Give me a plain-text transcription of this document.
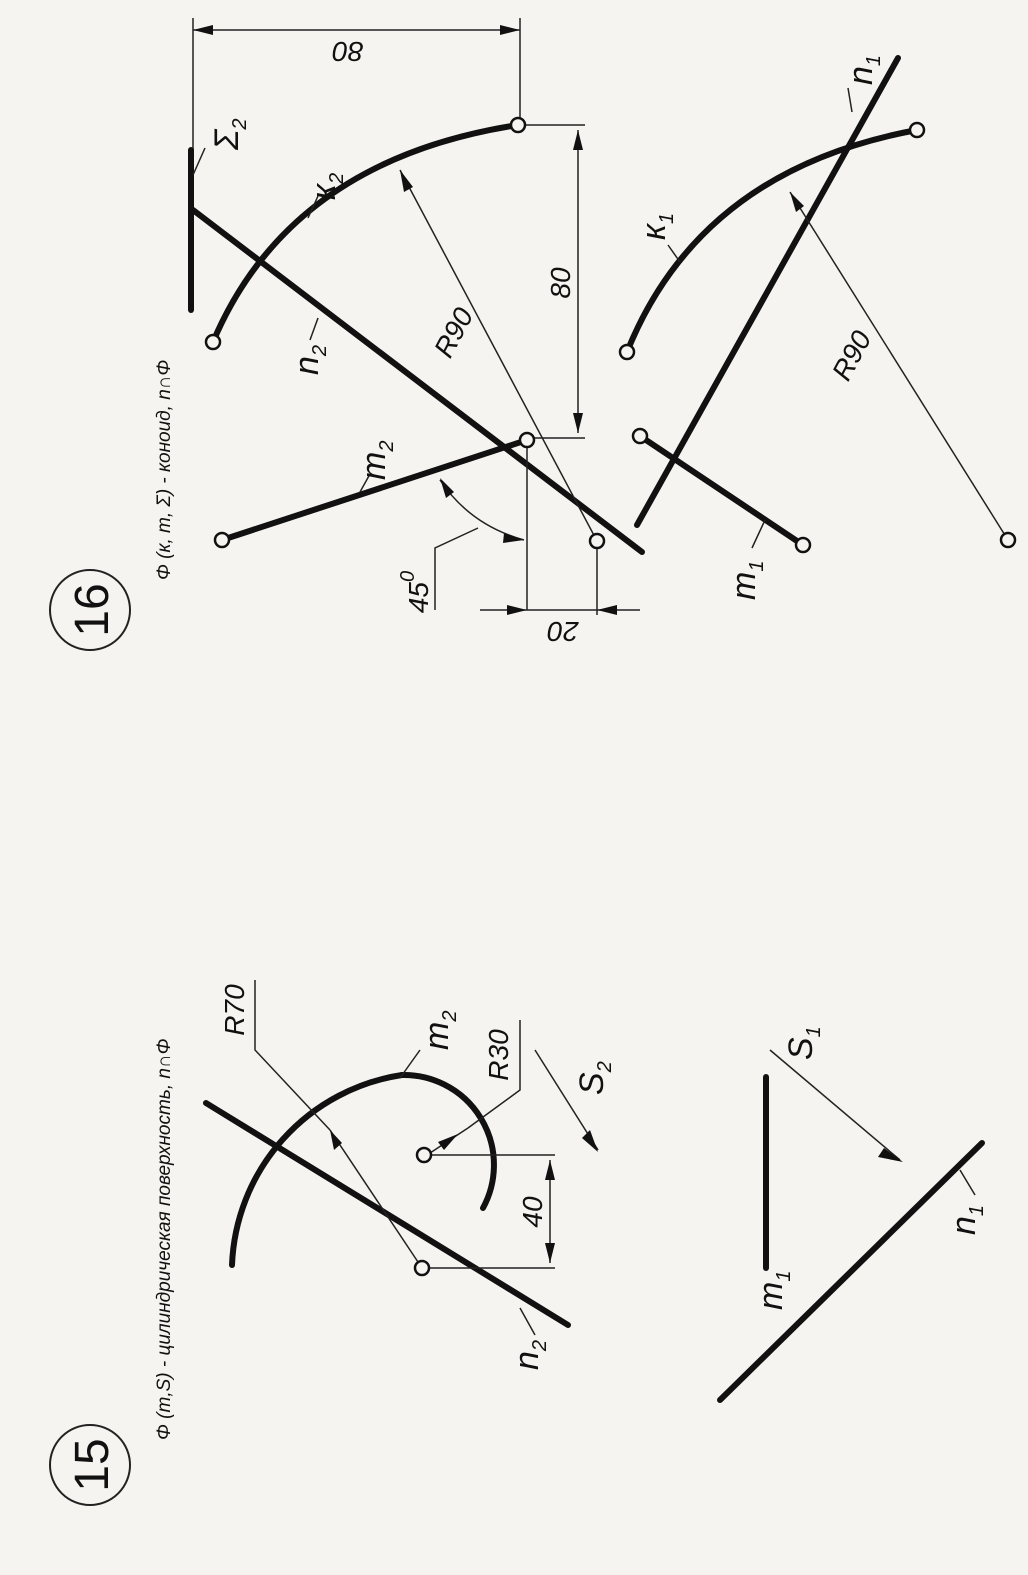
15
Φ (m,S) - цилиндрическая поверхность, n∩Φ	40
R70
R30
$m_2$
$S_2$
$n_2$
$S_1$
$m_1$
$n_1$
16
Φ (к, m, Σ) - коноид, n∩Φ
80
$\Sigma_2$
$к_2$
$n_2$
$m_2$
R90
80
$45^0$
20
$к_1$
$n_1$
$m_1$
R90
